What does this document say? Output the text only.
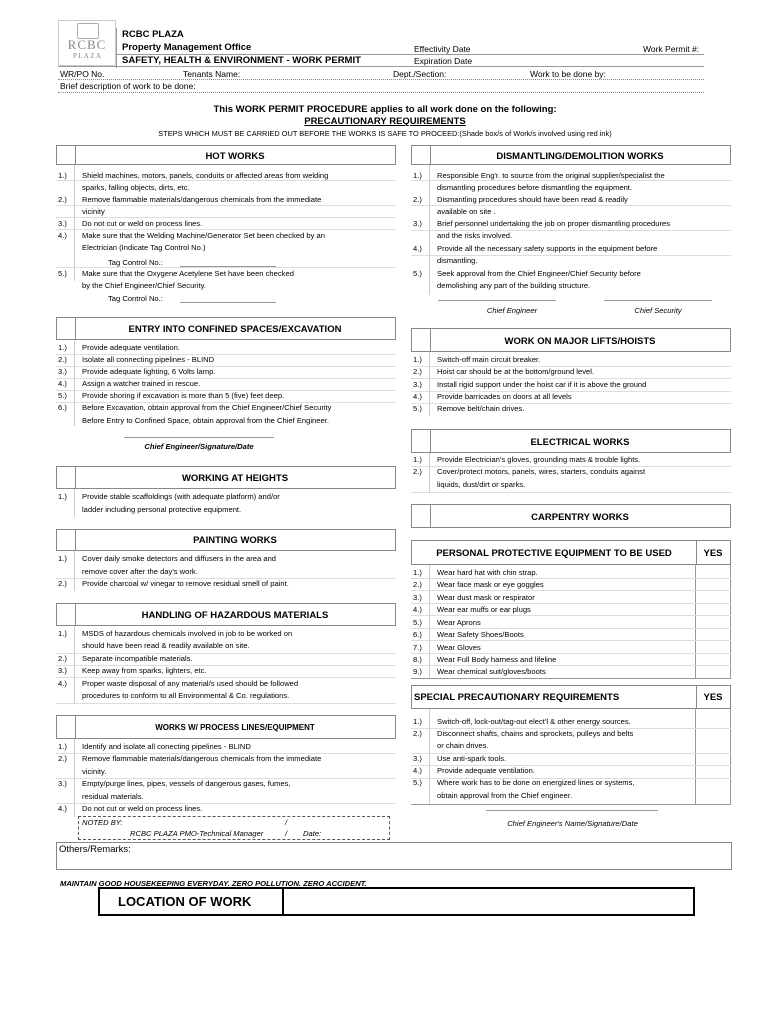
RCBC
P L A Z A
RCBC PLAZA
Property Management Office
SAFETY, HEALTH & ENVIRONMENT - WORK PERMIT
Effectivity Date
Expiration Date
Work Permit #:
WR/PO No.	Tenants Name:	Dept./Section:	Work to be done by:
Brief description of work to be done:
This WORK PERMIT PROCEDURE applies to all work done on the following:
PRECAUTIONARY REQUIREMENTS
STEPS WHICH MUST BE CARRIED OUT BEFORE THE WORKS IS SAFE TO PROCEED:(Shade box/s of Work/s involved using red ink)
HOT WORKS
1.)	Shield machines, motors, panels, conduits or affected areas from welding
sparks, falling objects, dirts, etc.
2.)	Remove flammable materials/dangerous chemicals from the immediate
vicinity
3.)	Do not cut or weld on process lines.
4.)	Make sure that the Welding Machine/Generator Set been checked by an
Electrician (Indicate Tag Control No.)
Tag Control No.:
5.)	Make sure that the Oxygene Acetylene Set have been checked
by the Chief Engineer/Chief Security.
Tag Control No.:
ENTRY INTO CONFINED SPACES/EXCAVATION
1.)	Provide adequate ventilation.
2.)	Isolate all connecting pipelines - BLIND
3.)	Provide adequate lighting, 6 Volts lamp.
4.)	Assign a watcher trained in rescue.
5.)	Provide shoring if excavation is more than 5 (five) feet deep.
6.)	Before Excavation, obtain approval from the Chief Engineer/Chief Security
Before Entry to Confined Space, obtain approval from the Chief Engineer.
Chief Engineer/Signature/Date
WORKING AT HEIGHTS
1.)	Provide stable scaffoldings (with adequate platform) and/or
ladder including personal protective equipment.
PAINTING WORKS
1.)	Cover daily smoke detectors and diffusers in the area and
remove cover after the day's work.
2.)	Provide charcoal w/ vinegar to remove residual smell of paint.
HANDLING OF HAZARDOUS MATERIALS
1.)	MSDS of hazardous chemicals involved in job to be worked on
should have been read & readily available on site.
2.)	Separate incompatible materials.
3.)	Keep away from sparks, lighters, etc.
4.)	Proper waste disposal of any material/s used should be followed
procedures to conform to all Environmental & Co. regulations.
WORKS W/ PROCESS LINES/EQUIPMENT
1.)	Identify and isolate all conecting pipelines - BLIND
2.)	Remove flammable materials/dangerous chemicals from the immediate
vicinity.
3.)	Empty/purge lines, pipes, vessels of dangerous gases, fumes,
residual materials.
4.)	Do not cut or weld on process lines.
NOTED BY:	/
RCBC PLAZA PMO-Technical Manager	/ Date:
DISMANTLING/DEMOLITION WORKS
1.)	Responsible Eng'r. to source from the original supplier/specialist the
dismantling procedures before dismantling the equipment.
2.)	Dismantling procedures should have been read & readily
available on site .
3.)	Brief personnel undertaking the job on proper dismantling procedures
and the risks involved.
4.)	Provide all the necessary safety supports in the equipment before
dismantling.
5.)	Seek approval from the Chief Engineer/Chief Security before
demolishing any part of the building structure.
Chief Engineer	Chief Security
WORK ON MAJOR LIFTS/HOISTS
1.)	Switch-off main circuit breaker.
2.)	Hoist car should be at the bottom/ground level.
3.)	Install rigid support under the hoist car if it is above the ground
4.)	Provide barricades on doors at all levels
5.)	Remove belt/chain drives.
ELECTRICAL WORKS
1.)	Provide Electrician's gloves, grounding mats & trouble lights.
2.)	Cover/protect motors, panels, wires, starters, conduits against
liquids, dust/dirt or sparks.
CARPENTRY WORKS
PERSONAL PROTECTIVE EQUIPMENT TO BE USED	YES
1.)	Wear hard hat with chin strap.
2.)	Wear face mask or eye goggles
3.)	Wear dust mask or respirator
4.)	Wear ear muffs or ear plugs
5.)	Wear Aprons
6.)	Wear Safety Shoes/Boots
7.)	Wear Gloves
8.)	Wear Full Body harness and lifeline
9.)	Wear chemical suit/gloves/boots
SPECIAL PRECAUTIONARY REQUIREMENTS	YES
1.)	Switch-off, lock-out/tag-out elect'l & other energy sources.
2.)	Disconnect shafts, chains and sprockets, pulleys and belts
or chain drives.
3.)	Use anti-spark tools.
4.)	Provide adequate ventilation.
5.)	Where work has to be done on energized lines or systems,
obtain approval from the Chief engineer.
Chief Engineer's Name/Signature/Date
Others/Remarks:
MAINTAIN GOOD HOUSEKEEPING EVERYDAY. ZERO POLLUTION. ZERO ACCIDENT.
LOCATION OF WORK
